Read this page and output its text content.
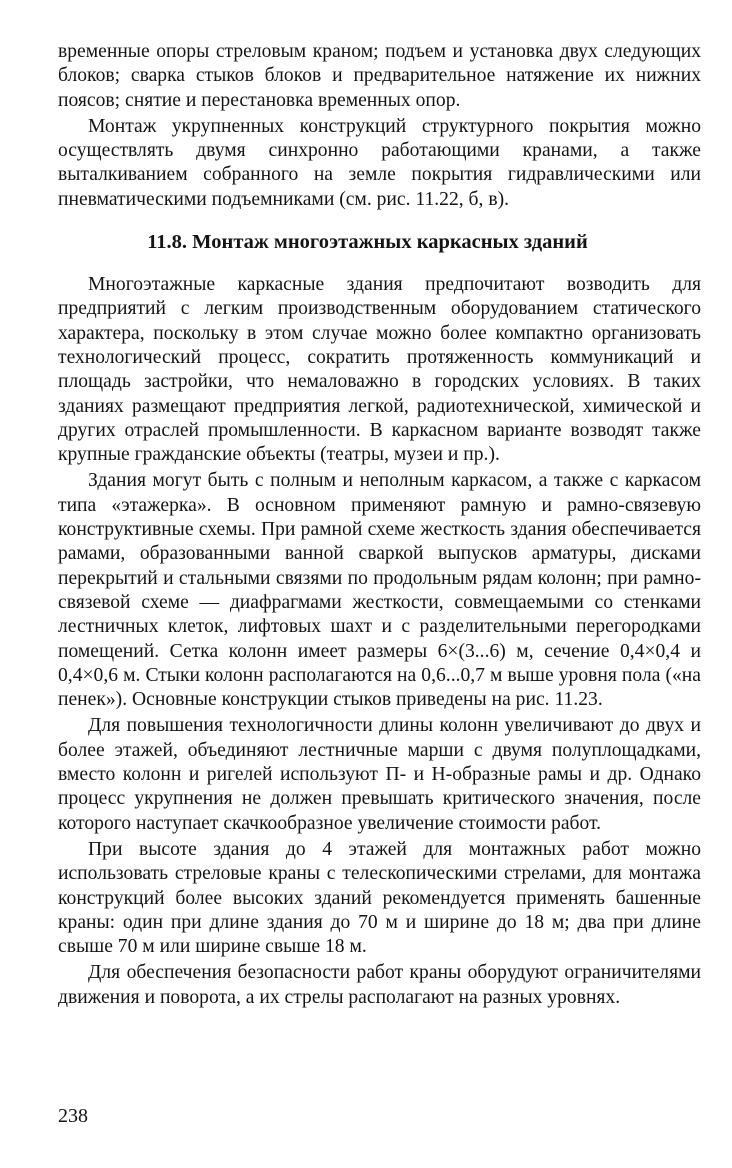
временные опоры стреловым краном; подъем и установка двух следующих блоков; сварка стыков блоков и предварительное натяжение их нижних поясов; снятие и перестановка временных опор.

Монтаж укрупненных конструкций структурного покрытия можно осуществлять двумя синхронно работающими кранами, а также выталкиванием собранного на земле покрытия гидравлическими или пневматическими подъемниками (см. рис. 11.22, б, в).

11.8. Монтаж многоэтажных каркасных зданий

Многоэтажные каркасные здания предпочитают возводить для предприятий с легким производственным оборудованием статического характера, поскольку в этом случае можно более компактно организовать технологический процесс, сократить протяженность коммуникаций и площадь застройки, что немаловажно в городских условиях. В таких зданиях размещают предприятия легкой, радиотехнической, химической и других отраслей промышленности. В каркасном варианте возводят также крупные гражданские объекты (театры, музеи и пр.).

Здания могут быть с полным и неполным каркасом, а также с каркасом типа «этажерка». В основном применяют рамную и рамно-связевую конструктивные схемы. При рамной схеме жесткость здания обеспечивается рамами, образованными ванной сваркой выпусков арматуры, дисками перекрытий и стальными связями по продольным рядам колонн; при рамно-связевой схеме — диафрагмами жесткости, совмещаемыми со стенками лестничных клеток, лифтовых шахт и с разделительными перегородками помещений. Сетка колонн имеет размеры 6×(3...6) м, сечение 0,4×0,4 и 0,4×0,6 м. Стыки колонн располагаются на 0,6...0,7 м выше уровня пола («на пенек»). Основные конструкции стыков приведены на рис. 11.23.

Для повышения технологичности длины колонн увеличивают до двух и более этажей, объединяют лестничные марши с двумя полуплощадками, вместо колонн и ригелей используют П- и Н-образные рамы и др. Однако процесс укрупнения не должен превышать критического значения, после которого наступает скачкообразное увеличение стоимости работ.

При высоте здания до 4 этажей для монтажных работ можно использовать стреловые краны с телескопическими стрелами, для монтажа конструкций более высоких зданий рекомендуется применять башенные краны: один при длине здания до 70 м и ширине до 18 м; два при длине свыше 70 м или ширине свыше 18 м.

Для обеспечения безопасности работ краны оборудуют ограничителями движения и поворота, а их стрелы располагают на разных уровнях.

238
